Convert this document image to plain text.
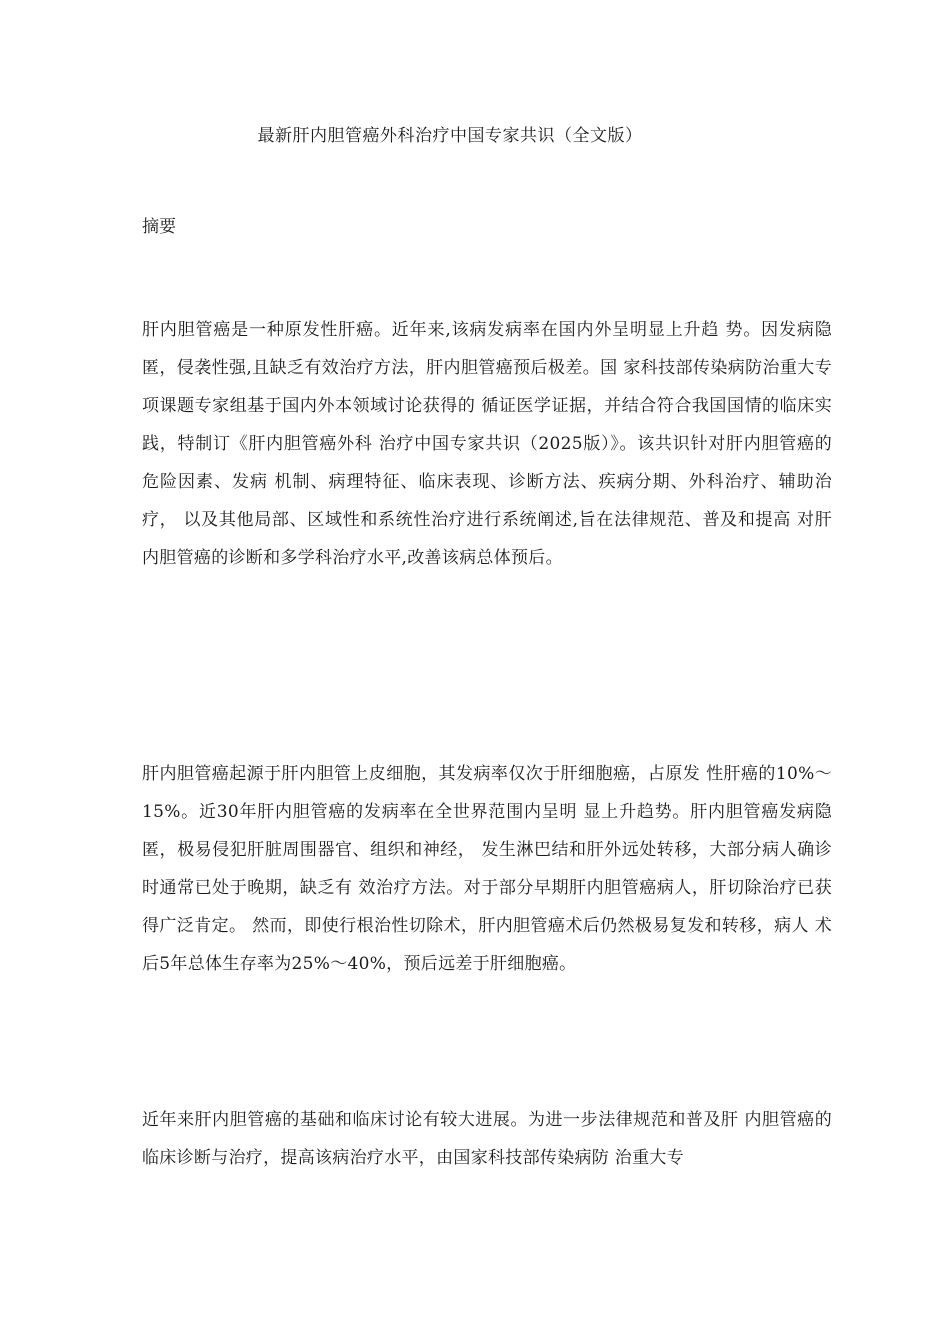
最新肝内胆管癌外科治疗中国专家共识（全文版）
摘要
肝内胆管癌是一种原发性肝癌。近年来,该病发病率在国内外呈明显上升趋 势。因发病隐匿，侵袭性强,且缺乏有效治疗方法，肝内胆管癌预后极差。国 家科技部传染病防治重大专项课题专家组基于国内外本领域讨论获得的 循证医学证据，并结合符合我国国情的临床实践，特制订《肝内胆管癌外科 治疗中国专家共识（2025版）》。该共识针对肝内胆管癌的危险因素、发病 机制、病理特征、临床表现、诊断方法、疾病分期、外科治疗、辅助治疗， 以及其他局部、区域性和系统性治疗进行系统阐述,旨在法律规范、普及和提高 对肝内胆管癌的诊断和多学科治疗水平,改善该病总体预后。
肝内胆管癌起源于肝内胆管上皮细胞，其发病率仅次于肝细胞癌，占原发 性肝癌的10%〜15%。近30年肝内胆管癌的发病率在全世界范围内呈明 显上升趋势。肝内胆管癌发病隐匿，极易侵犯肝脏周围器官、组织和神经， 发生淋巴结和肝外远处转移，大部分病人确诊时通常已处于晚期，缺乏有 效治疗方法。对于部分早期肝内胆管癌病人，肝切除治疗已获得广泛肯定。 然而，即使行根治性切除术，肝内胆管癌术后仍然极易复发和转移，病人 术后5年总体生存率为25%〜40%，预后远差于肝细胞癌。
近年来肝内胆管癌的基础和临床讨论有较大进展。为进一步法律规范和普及肝 内胆管癌的临床诊断与治疗，提高该病治疗水平，由国家科技部传染病防 治重大专
